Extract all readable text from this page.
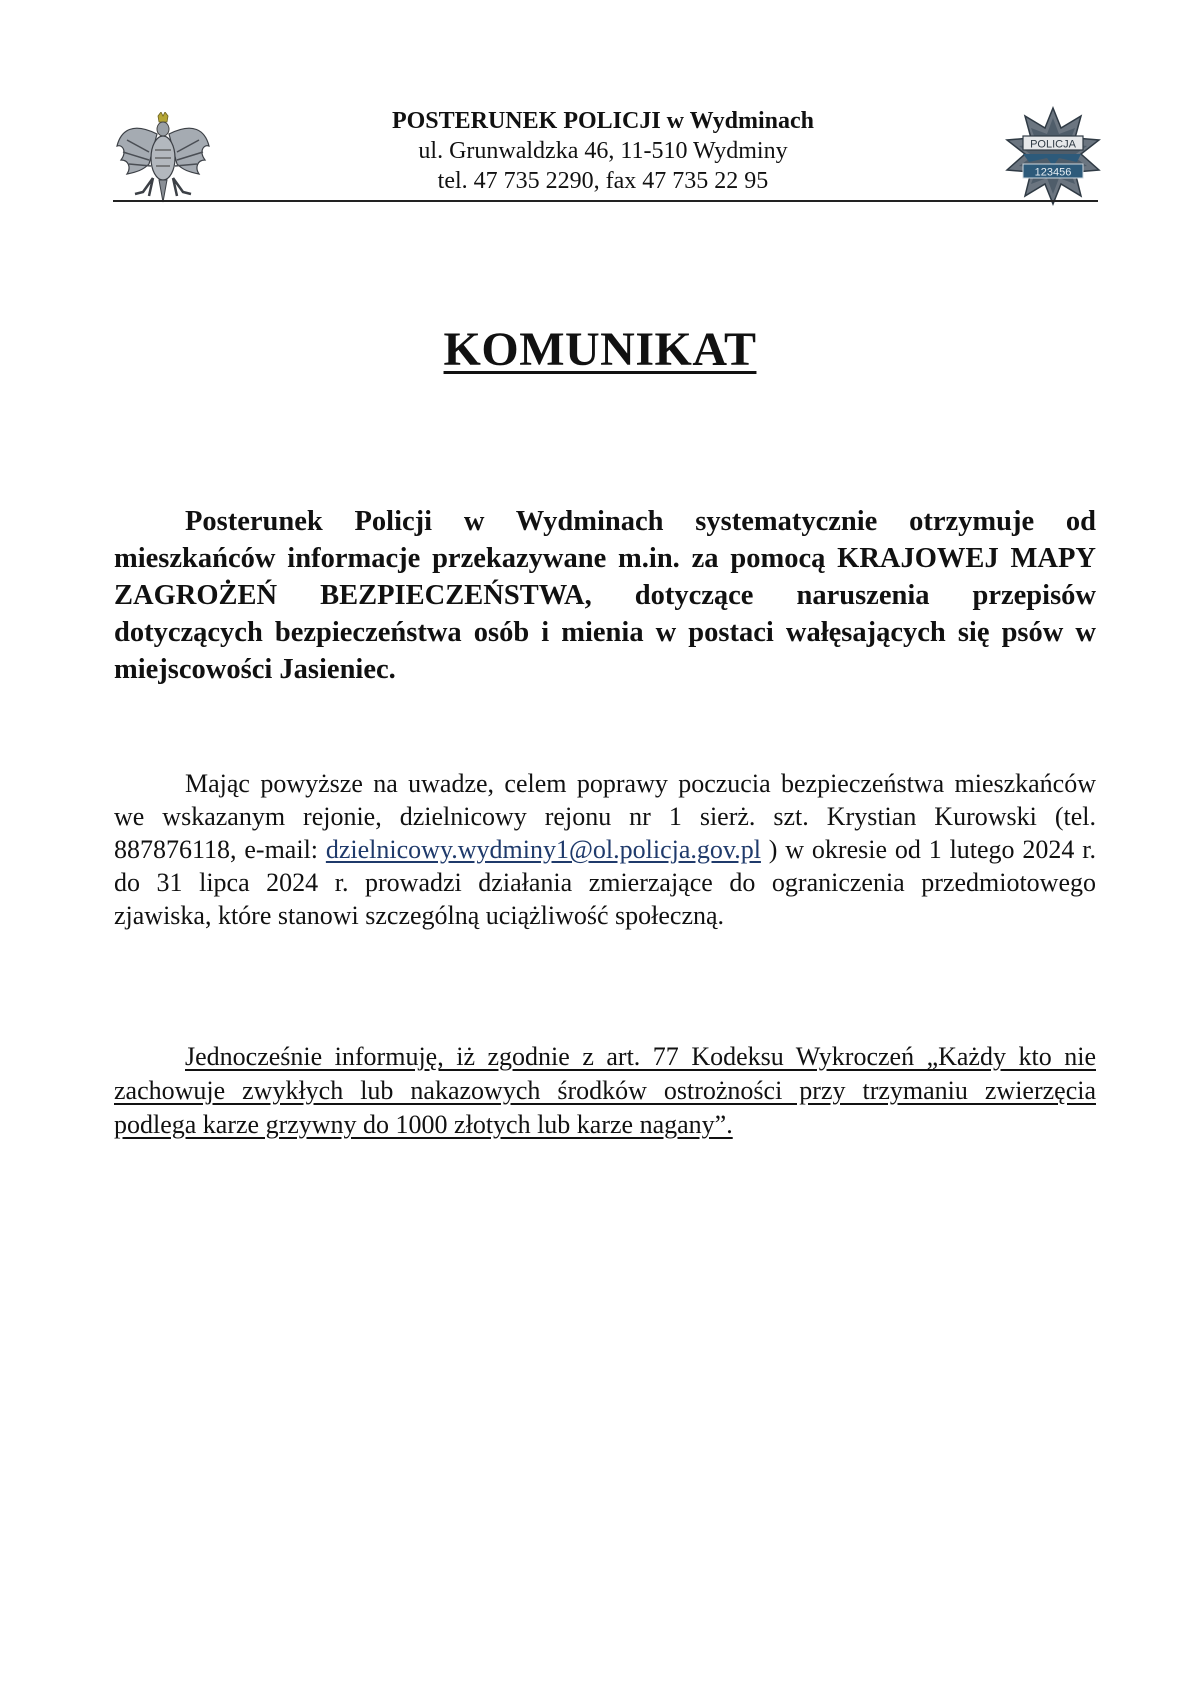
POSTERUNEK POLICJI w Wydminach
ul. Grunwaldzka 46, 11-510 Wydminy
tel. 47 735 2290, fax 47 735 22 95
POLICJA
123456
KOMUNIKAT
Posterunek Policji w Wydminach systematycznie otrzymuje od mieszkańców informacje przekazywane m.in. za pomocą KRAJOWEJ MAPY ZAGROŻEŃ BEZPIECZEŃSTWA, dotyczące naruszenia przepisów dotyczących bezpieczeństwa osób i mienia w postaci wałęsających się psów w miejscowości Jasieniec.
Mając powyższe na uwadze, celem poprawy poczucia bezpieczeństwa mieszkańców we wskazanym rejonie, dzielnicowy rejonu nr 1 sierż. szt. Krystian Kurowski (tel. 887876118, e-mail: dzielnicowy.wydminy1@ol.policja.gov.pl ) w okresie od 1 lutego 2024 r. do 31 lipca 2024 r. prowadzi działania zmierzające do ograniczenia przedmiotowego zjawiska, które stanowi szczególną uciążliwość społeczną.
Jednocześnie informuję, iż zgodnie z art. 77 Kodeksu Wykroczeń „Każdy kto nie zachowuje zwykłych lub nakazowych środków ostrożności przy trzymaniu zwierzęcia podlega karze grzywny do 1000 złotych lub karze nagany”.
